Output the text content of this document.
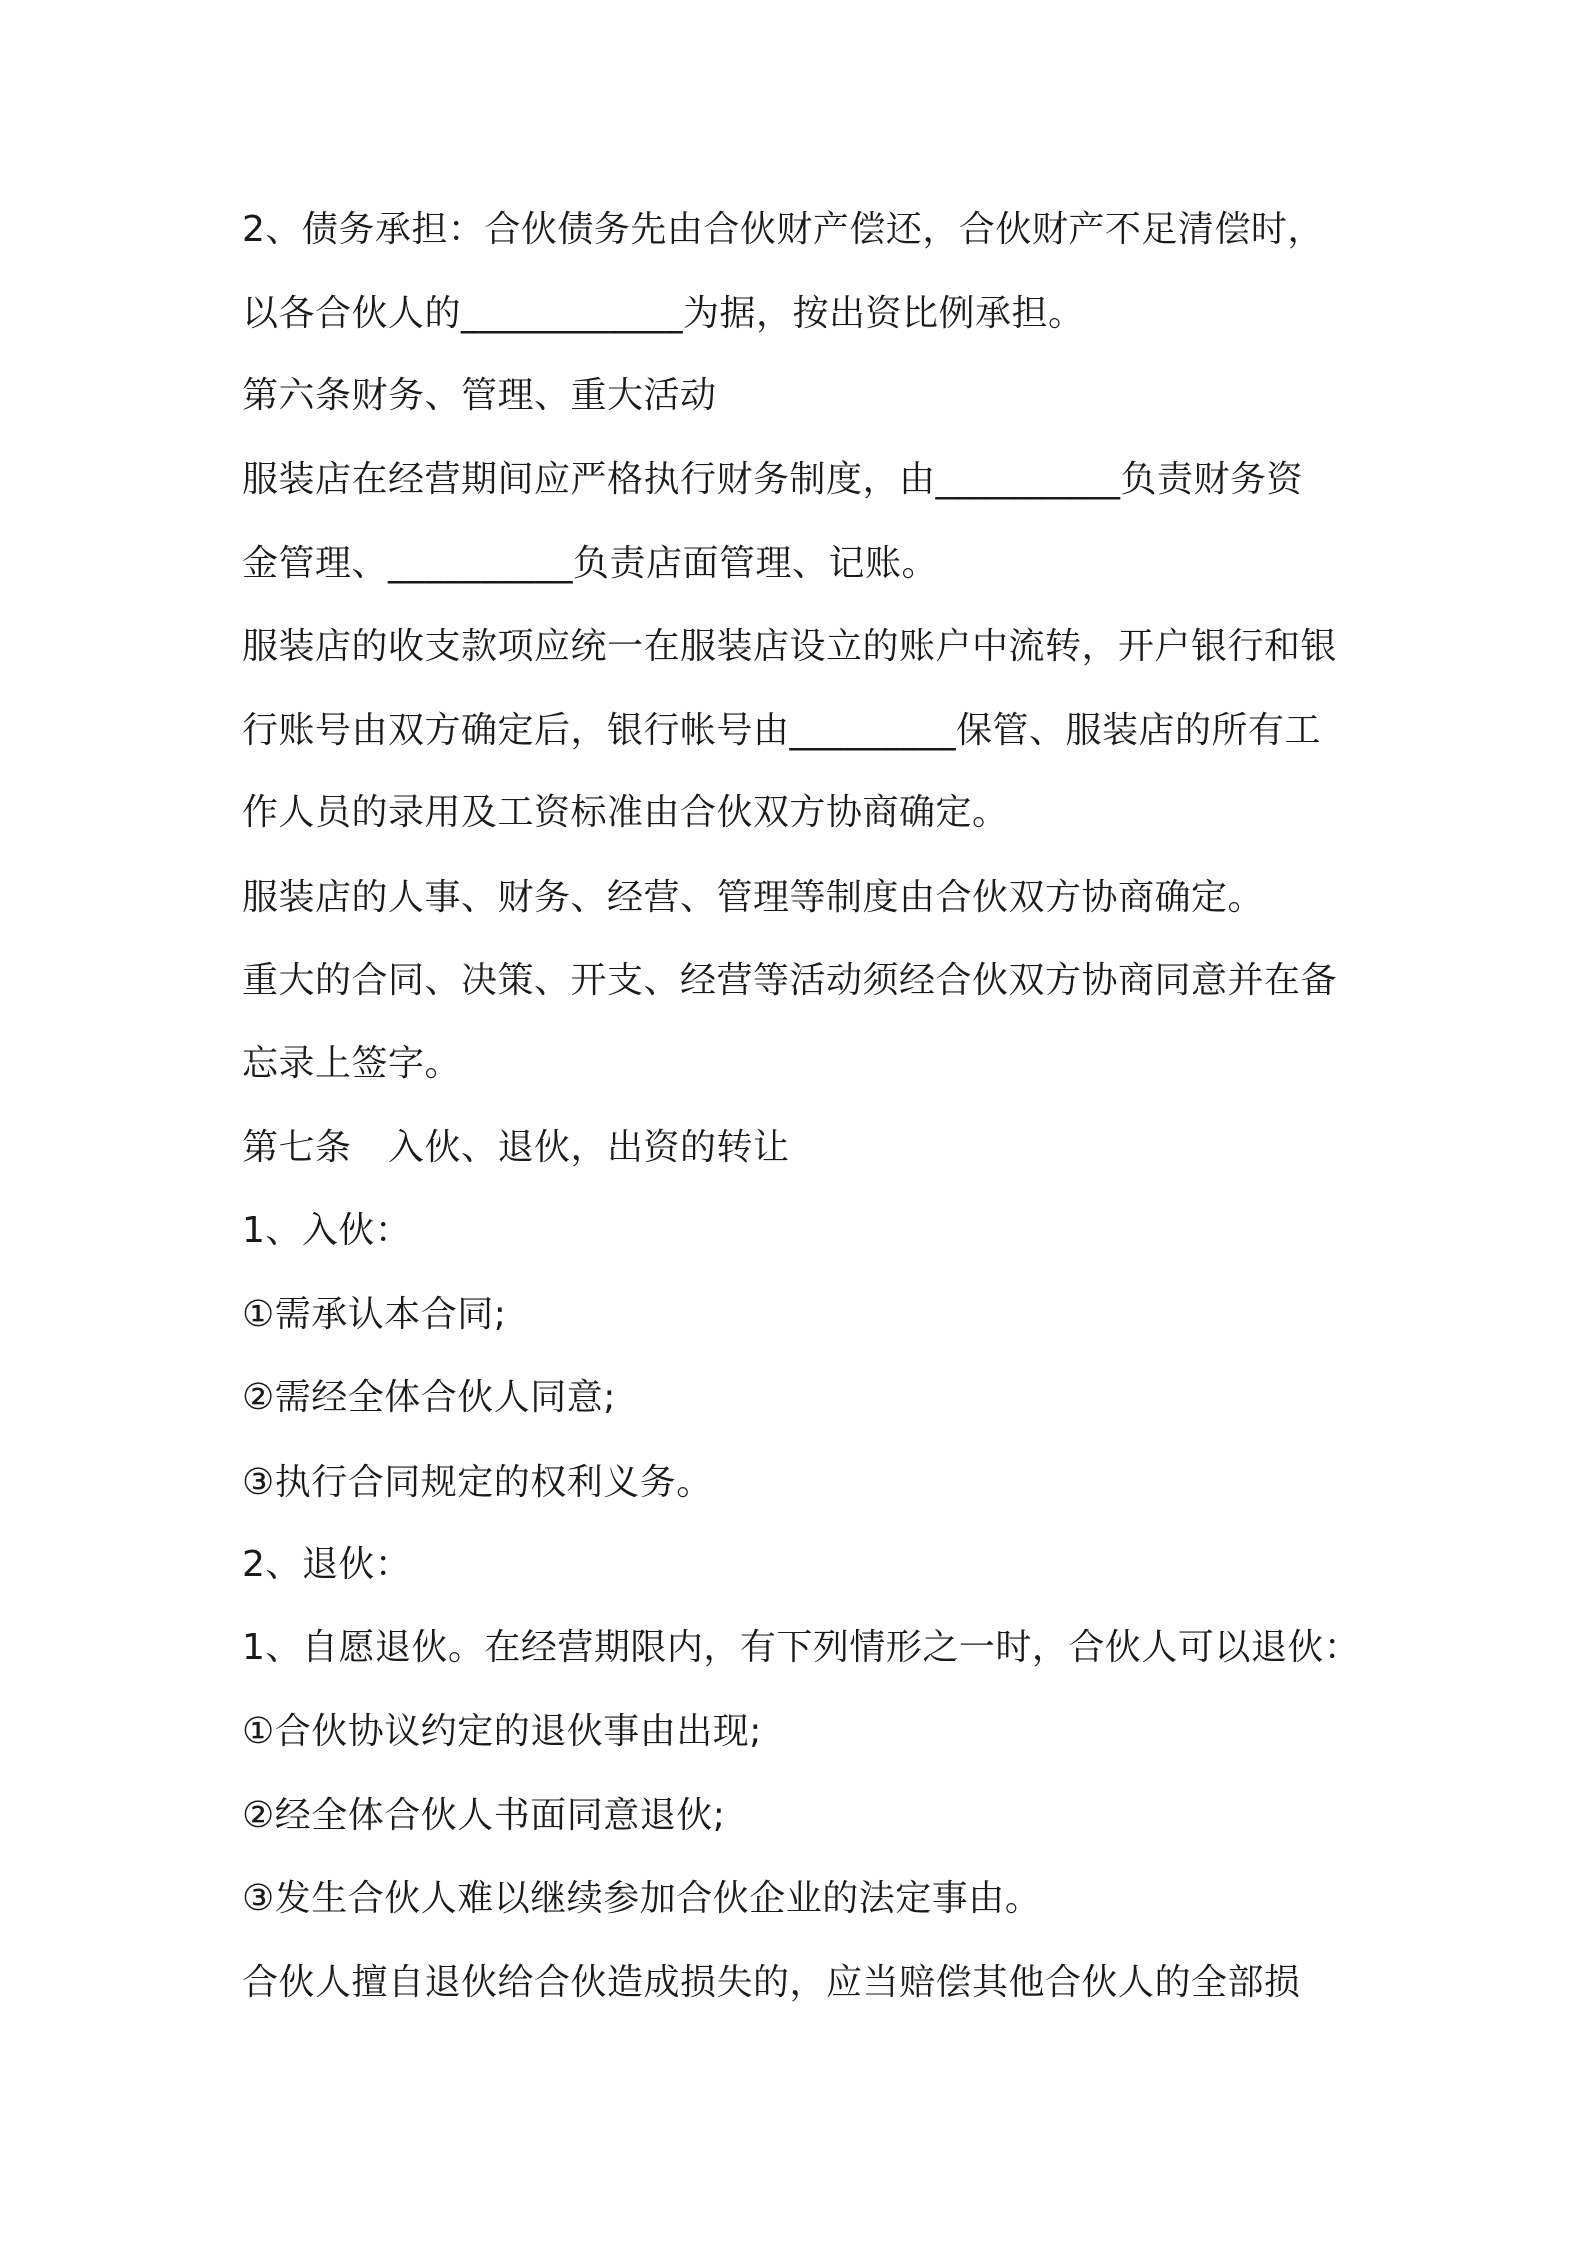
2、债务承担：合伙债务先由合伙财产偿还，合伙财产不足清偿时，
以各合伙人的____________为据，按出资比例承担。
第六条财务、管理、重大活动
服装店在经营期间应严格执行财务制度，由__________负责财务资
金管理、__________负责店面管理、记账。
服装店的收支款项应统一在服装店设立的账户中流转，开户银行和银
行账号由双方确定后，银行帐号由_________保管、服装店的所有工
作人员的录用及工资标准由合伙双方协商确定。
服装店的人事、财务、经营、管理等制度由合伙双方协商确定。
重大的合同、决策、开支、经营等活动须经合伙双方协商同意并在备
忘录上签字。
第七条　入伙、退伙，出资的转让
1、入伙：
①需承认本合同;
②需经全体合伙人同意;
③执行合同规定的权利义务。
2、退伙：
1、自愿退伙。在经营期限内，有下列情形之一时，合伙人可以退伙：
①合伙协议约定的退伙事由出现;
②经全体合伙人书面同意退伙;
③发生合伙人难以继续参加合伙企业的法定事由。
合伙人擅自退伙给合伙造成损失的，应当赔偿其他合伙人的全部损
